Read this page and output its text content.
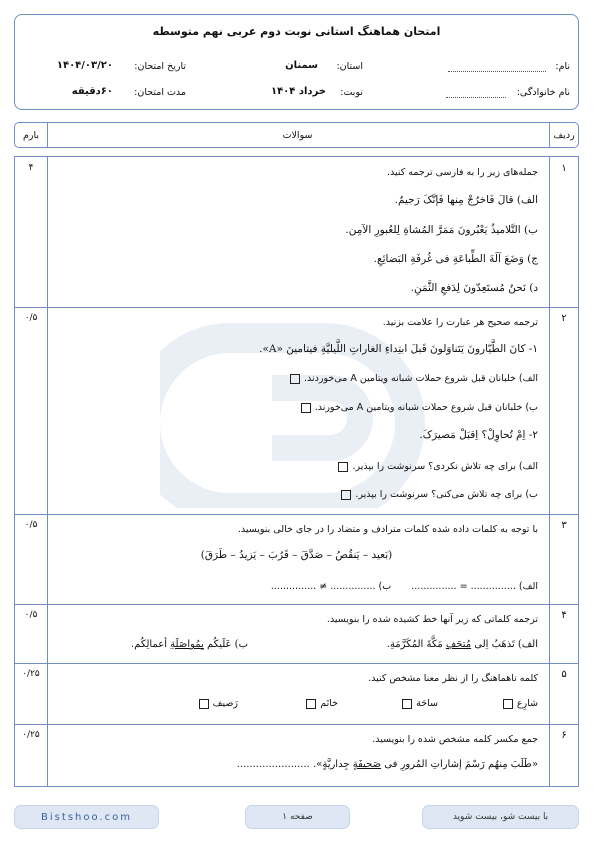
امتحان هماهنگ استانی نوبت دوم عربی نهم متوسطه
نام:
نام خانوادگی:
استان:
سمنان
نوبت:
خرداد ۱۴۰۴
تاریخ امتحان:
۱۴۰۴/۰۳/۲۰
مدت امتحان:
۶۰دقیقه
ردیف
سوالات
بارم
۱
۴	جمله‌های زیر را به فارسی ترجمه کنید.
الف) قالَ فَاخرُجْ مِنها فَإنَّکَ رَجیمٌ.
ب) التَّلامیذُ یَعْبُرونَ مَمَرَّ المُشاةِ لِلعُبورِ الآمِن.
ج) وَضَعَ آلَةَ الطِّباعَةِ فی غُرفَةِ البَضائِعِ.
د) نَحنُ مُستَعِدّونَ لِدَفعِ الثَّمَنِ.
۲
۰/۵	ترجمه صحیح هر عبارت را علامت بزنید.
۱- کانَ الطَّیّارونَ یَتَناوَلونَ قَبلَ ابتِداءِ الغاراتِ اللَّیلیَّةِ فیتامینَ «A».
الف) خلبانان قبل شروع حملات شبانه ویتامین A می‌خوردند.
ب) خلبانان قبل شروع حملات شبانه ویتامین A می‌خورند.
۲- اِمْ تُحاوِلْ؟ اِقبَلْ مَصیرَکَ.
الف) برای چه تلاش نکردی؟ سرنوشت را بپذیر.
ب) برای چه تلاش می‌کنی؟ سرنوشت را بپذیر.
۳
۰/۵	با توجه به کلمات داده شده کلمات مترادف و متضاد را در جای خالی بنویسید.
(بَعید – یَنقُصُ – صَدَّقَ – قَرُبَ – یَزیدُ – طَرَقَ)
الف) ............... = ...............  ب) ............... ≠ ...............
۴
۰/۵	ترجمه کلماتی که زیر آنها خط کشیده شده را بنویسید.
الف) تَذهَبُ اِلی مُتحَفِ مَکَّةَ المُکَرَّمَةِ.
ب) عَلَیکُم بِمُواصَلَةِ أعمالِکُم.
۵
۰/۲۵	کلمه ناهماهنگ را از نظر معنا مشخص کنید.
شارِع
ساحَة
خاتَم
رَصیف
۶
۰/۲۵	جمع مکسر کلمه مشخص شده را بنویسید.
«طَلَبَ مِنهُم رَسْمَ إشاراتِ المُرورِ فی صَحیفَةٍ جِداریَّةٍ». .......................
Bistshoo.com	صفحه ۱	با بیست شو، بیست شوید
